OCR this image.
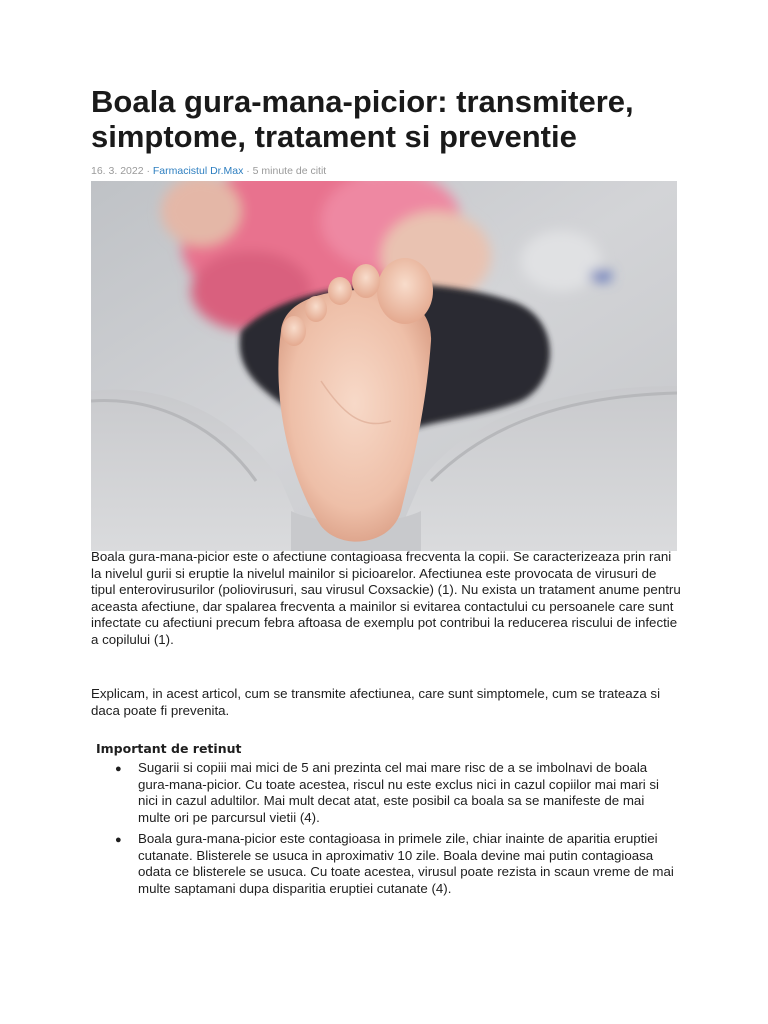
Boala gura-mana-picior: transmitere, simptome, tratament si preventie
16. 3. 2022 · Farmacistul Dr.Max · 5 minute de citit

Boala gura-mana-picior este o afectiune contagioasa frecventa la copii. Se caracterizeaza prin rani la nivelul gurii si eruptie la nivelul mainilor si picioarelor. Afectiunea este provocata de virusuri de tipul enterovirusurilor (poliovirusuri, sau virusul Coxsackie) (1). Nu exista un tratament anume pentru aceasta afectiune, dar spalarea frecventa a mainilor si evitarea contactului cu persoanele care sunt infectate cu afectiuni precum febra aftoasa de exemplu pot contribui la reducerea riscului de infectie a copilului (1).

Explicam, in acest articol, cum se transmite afectiunea, care sunt simptomele, cum se trateaza si daca poate fi prevenita.

Important de retinut
● Sugarii si copiii mai mici de 5 ani prezinta cel mai mare risc de a se imbolnavi de boala gura-mana-picior. Cu toate acestea, riscul nu este exclus nici in cazul copiilor mai mari si nici in cazul adultilor. Mai mult decat atat, este posibil ca boala sa se manifeste de mai multe ori pe parcursul vietii (4).
● Boala gura-mana-picior este contagioasa in primele zile, chiar inainte de aparitia eruptiei cutanate. Blisterele se usuca in aproximativ 10 zile. Boala devine mai putin contagioasa odata ce blisterele se usuca. Cu toate acestea, virusul poate rezista in scaun vreme de mai multe saptamani dupa disparitia eruptiei cutanate (4).
